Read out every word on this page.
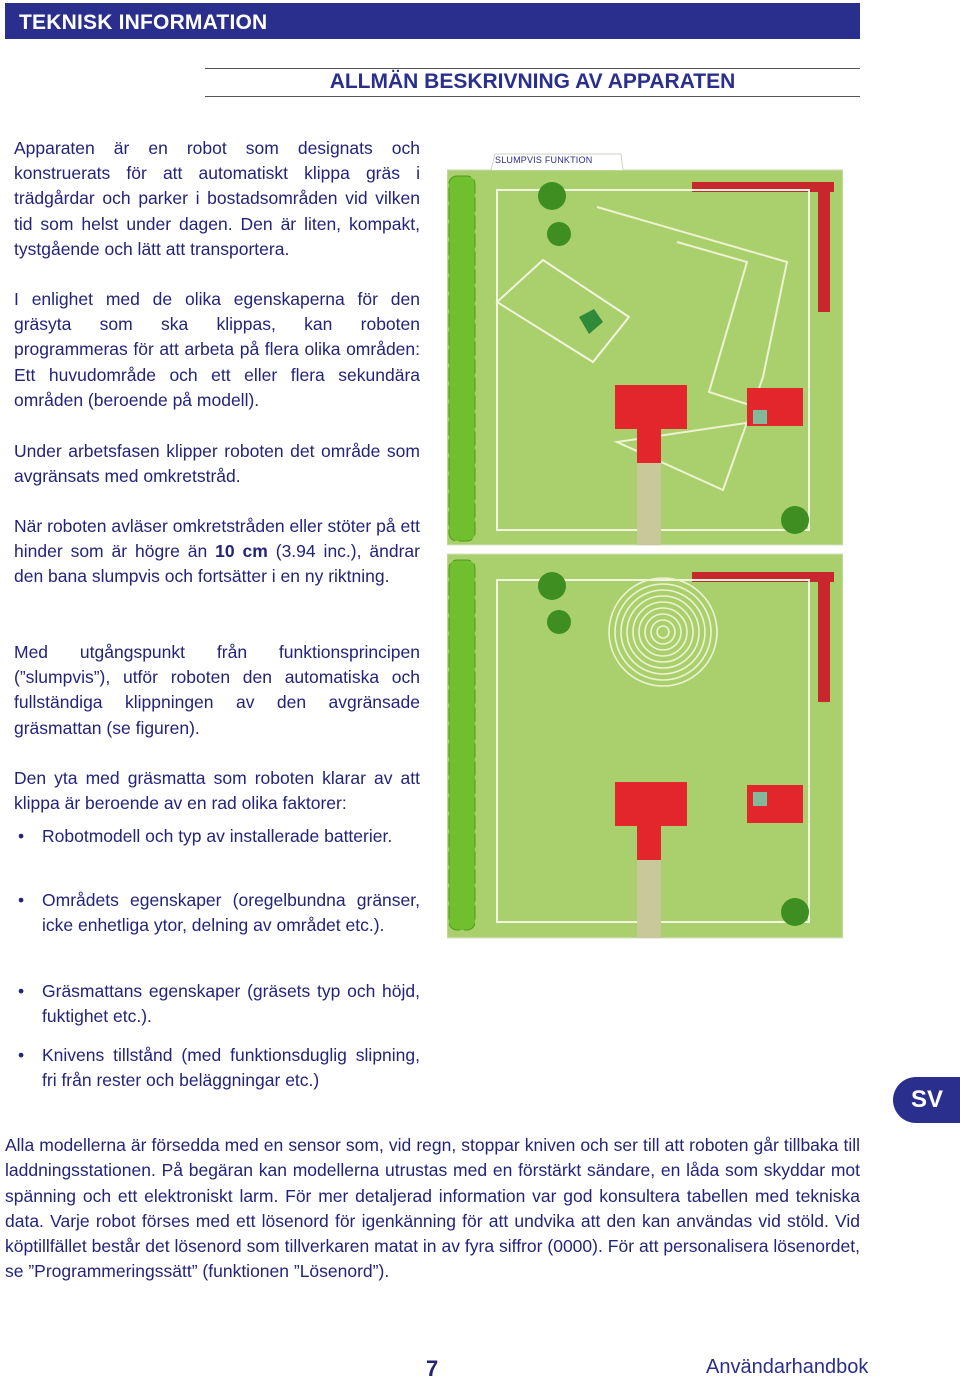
TEKNISK INFORMATION
ALLMÄN BESKRIVNING AV APPARATEN

Apparaten är en robot som designats och konstruerats för att automatiskt klippa gräs i trädgårdar och parker i bostadsområden vid vilken tid som helst under dagen. Den är liten, kompakt, tystgående och lätt att transportera.

I enlighet med de olika egenskaperna för den gräsyta som ska klippas, kan roboten programmeras för att arbeta på flera olika områden: Ett huvudområde och ett eller flera sekundära områden (beroende på modell).

Under arbetsfasen klipper roboten det område som avgränsats med omkretstråd.

När roboten avläser omkretstråden eller stöter på ett hinder som är högre än 10 cm (3.94 inc.), ändrar den bana slumpvis och fortsätter i en ny riktning.

Med utgångspunkt från funktionsprincipen (”slumpvis”), utför roboten den automatiska och fullständiga klippningen av den avgränsade gräsmattan (se figuren).

Den yta med gräsmatta som roboten klarar av att klippa är beroende av en rad olika faktorer:

• Robotmodell och typ av installerade batterier.
• Områdets egenskaper (oregelbundna gränser, icke enhetliga ytor, delning av området etc.).
• Gräsmattans egenskaper (gräsets typ och höjd, fuktighet etc.).
• Knivens tillstånd (med funktionsduglig slipning, fri från rester och beläggningar etc.)
SLUMPVIS FUNKTION
SV
Alla modellerna är försedda med en sensor som, vid regn, stoppar kniven och ser till att roboten går tillbaka till laddningsstationen. På begäran kan modellerna utrustas med en förstärkt sändare, en låda som skyddar mot spänning och ett elektroniskt larm. För mer detaljerad information var god konsultera tabellen med tekniska data. Varje robot förses med ett lösenord för igenkänning för att undvika att den kan användas vid stöld. Vid köptillfället består det lösenord som tillverkaren matat in av fyra siffror (0000). För att personalisera lösenordet, se ”Programmeringssätt” (funktionen ”Lösenord”).
7	Användarhandbok
